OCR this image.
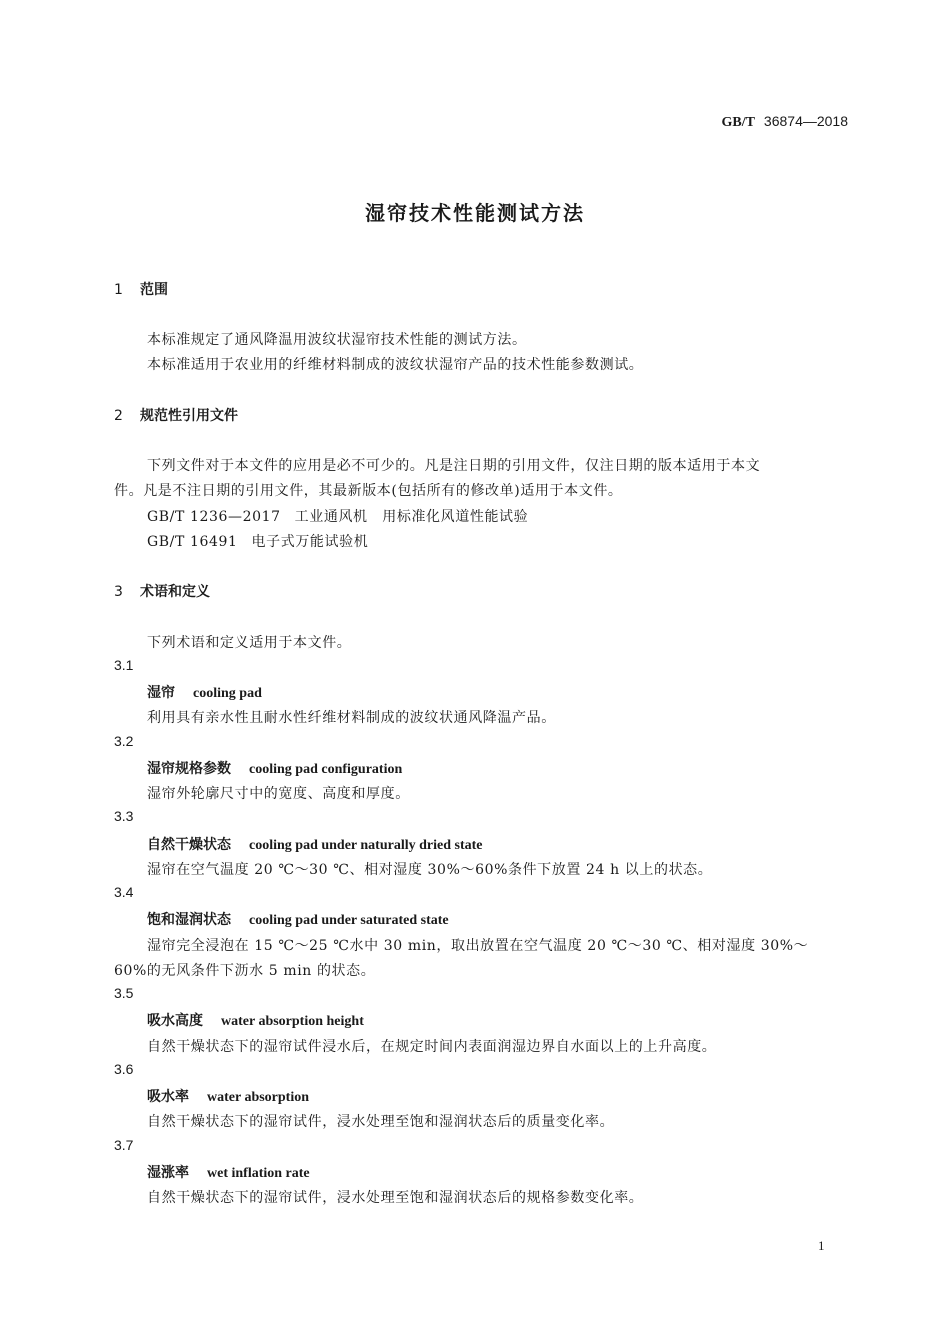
GB/T 36874—2018
湿帘技术性能测试方法
1 范围
本标准规定了通风降温用波纹状湿帘技术性能的测试方法。
本标准适用于农业用的纤维材料制成的波纹状湿帘产品的技术性能参数测试。
2 规范性引用文件
下列文件对于本文件的应用是必不可少的。凡是注日期的引用文件，仅注日期的版本适用于本文
件。凡是不注日期的引用文件，其最新版本(包括所有的修改单)适用于本文件。
GB/T 1236—2017 工业通风机　用标准化风道性能试验
GB/T 16491 电子式万能试验机
3 术语和定义
下列术语和定义适用于本文件。
3.1
湿帘 cooling pad
利用具有亲水性且耐水性纤维材料制成的波纹状通风降温产品。
3.2
湿帘规格参数 cooling pad configuration
湿帘外轮廓尺寸中的宽度、高度和厚度。
3.3
自然干燥状态 cooling pad under naturally dried state
湿帘在空气温度 20 ℃～30 ℃、相对湿度 30%～60%条件下放置 24 h 以上的状态。
3.4
饱和湿润状态 cooling pad under saturated state
湿帘完全浸泡在 15 ℃～25 ℃水中 30 min，取出放置在空气温度 20 ℃～30 ℃、相对湿度 30%～
60%的无风条件下沥水 5 min 的状态。
3.5
吸水高度 water absorption height
自然干燥状态下的湿帘试件浸水后，在规定时间内表面润湿边界自水面以上的上升高度。
3.6
吸水率 water absorption
自然干燥状态下的湿帘试件，浸水处理至饱和湿润状态后的质量变化率。
3.7
湿涨率 wet inflation rate
自然干燥状态下的湿帘试件，浸水处理至饱和湿润状态后的规格参数变化率。
1
